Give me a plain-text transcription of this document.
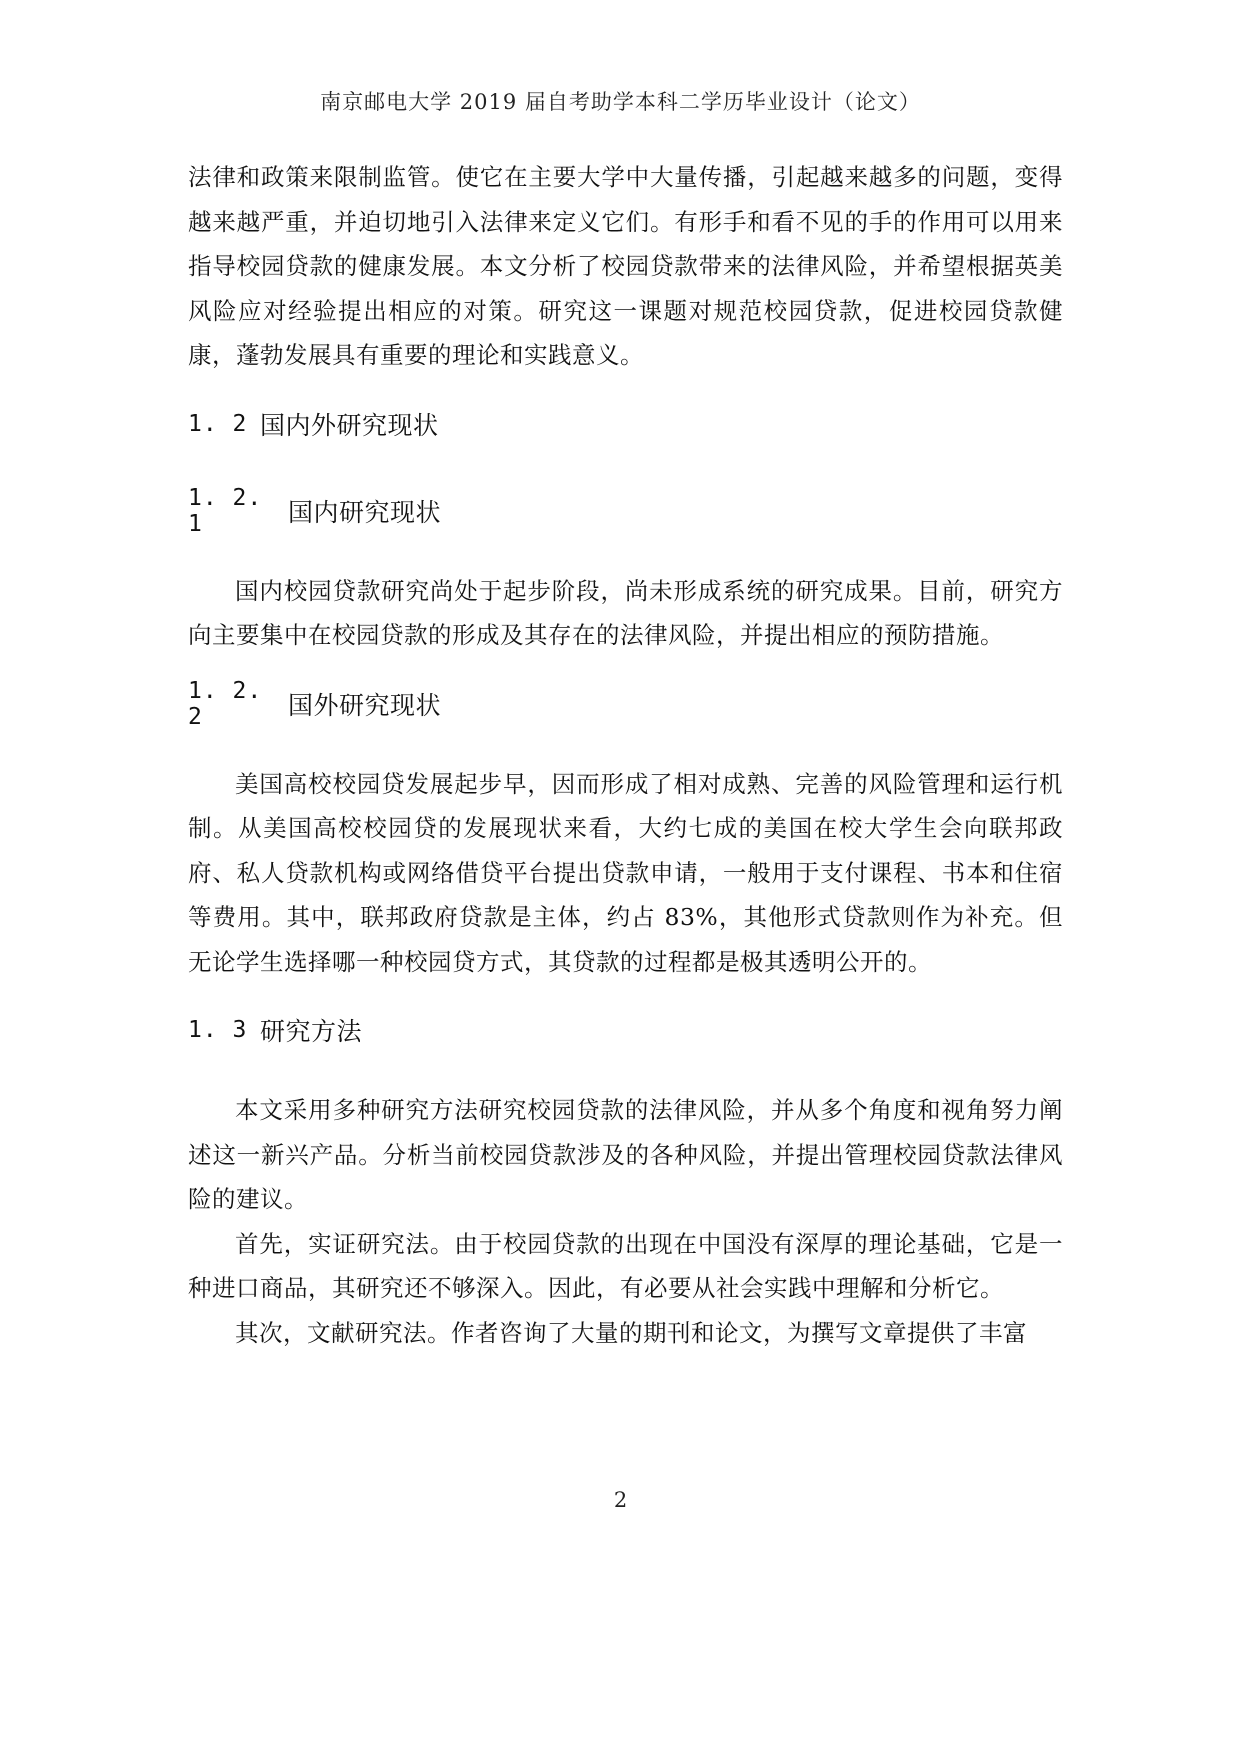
南京邮电大学 2019 届自考助学本科二学历毕业设计（论文）

法律和政策来限制监管。使它在主要大学中大量传播，引起越来越多的问题，变得越来越严重，并迫切地引入法律来定义它们。有形手和看不见的手的作用可以用来指导校园贷款的健康发展。本文分析了校园贷款带来的法律风险，并希望根据英美风险应对经验提出相应的对策。研究这一课题对规范校园贷款，促进校园贷款健康，蓬勃发展具有重要的理论和实践意义。

1. 2 国内外研究现状
1. 2. 1	国内研究现状

国内校园贷款研究尚处于起步阶段，尚未形成系统的研究成果。目前，研究方向主要集中在校园贷款的形成及其存在的法律风险，并提出相应的预防措施。

1. 2. 2	国外研究现状

美国高校校园贷发展起步早，因而形成了相对成熟、完善的风险管理和运行机制。从美国高校校园贷的发展现状来看，大约七成的美国在校大学生会向联邦政府、私人贷款机构或网络借贷平台提出贷款申请，一般用于支付课程、书本和住宿等费用。其中，联邦政府贷款是主体，约占 83%，其他形式贷款则作为补充。但无论学生选择哪一种校园贷方式，其贷款的过程都是极其透明公开的。

1. 3 研究方法

本文采用多种研究方法研究校园贷款的法律风险，并从多个角度和视角努力阐述这一新兴产品。分析当前校园贷款涉及的各种风险，并提出管理校园贷款法律风险的建议。

首先，实证研究法。由于校园贷款的出现在中国没有深厚的理论基础，它是一种进口商品，其研究还不够深入。因此，有必要从社会实践中理解和分析它。

其次，文献研究法。作者咨询了大量的期刊和论文，为撰写文章提供了丰富

2
